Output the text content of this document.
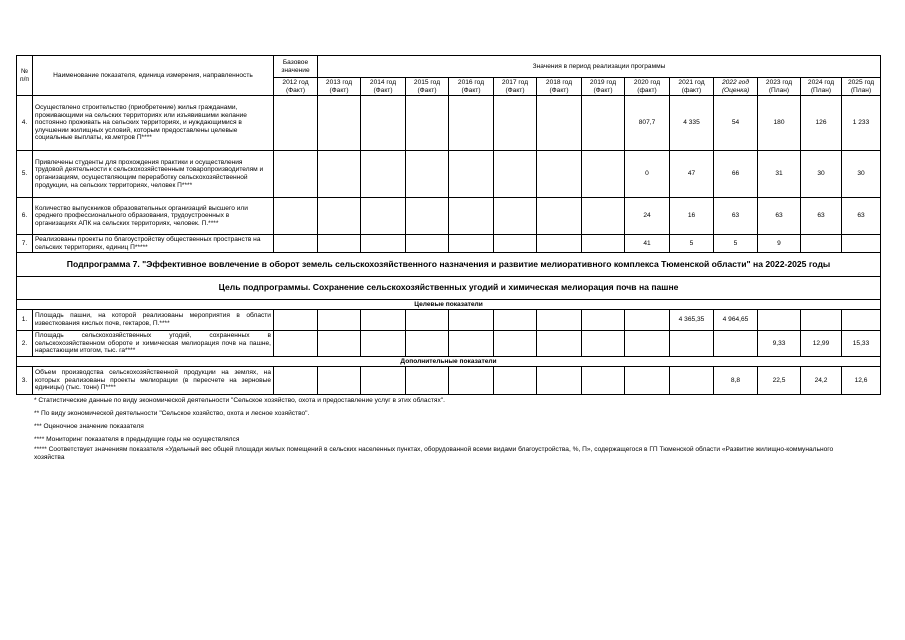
№ п/п	Наименование показателя, единица измерения, направленность	Базовое значение	Значения в период реализации программы												
		2012 год (Факт)	2013 год (Факт)	2014 год (Факт)	2015 год (Факт)	2016 год (Факт)	2017 год (Факт)	2018 год (Факт)	2019 год (Факт)	2020 год (факт)	2021 год (факт)	2022 год (Оценка)	2023 год (План)	2024 год (План)	2025 год (План)
4.	Осуществлено строительство (приобретение) жилья гражданами, проживающими на сельских территориях или изъявившими желание постоянно проживать на сельских территориях, и нуждающимися в улучшении жилищных условий, которым предоставлены целевые социальные выплаты, кв.метров П****									807,7	4 335	54	180	126	1 233
5.	Привлечены студенты для прохождения практики и осуществления трудовой деятельности к сельскохозяйственным товаропроизводителям и организациям, осуществляющим переработку сельскохозяйственной продукции, на сельских территориях, человек П****									0	47	66	31	30	30
6.	Количество выпускников образовательных организаций высшего или среднего профессионального образования, трудоустроенных в организациях АПК на сельских территориях, человек. П.****									24	16	63	63	63	63
7.	Реализованы проекты по благоустройству общественных пространств на сельских территориях, единиц П*****									41	5	5	9		
Подпрограмма 7. "Эффективное вовлечение в оборот земель сельскохозяйственного назначения и развитие мелиоративного комплекса Тюменской области" на 2022-2025 годы															
Цель подпрограммы. Сохранение сельскохозяйственных угодий и химическая мелиорация почв на пашне															
Целевые показатели															
1.	Площадь пашни, на которой реализованы мероприятия в области известкования кислых почв, гектаров, П.****										4 365,35	4 964,65			
2.	Площадь сельскохозяйственных угодий, сохраненных в сельскохозяйственном обороте и химическая мелиорация почв на пашне, нарастающим итогом, тыс. га****												9,33	12,99	15,33
Дополнительные показатели															
3.	Объем производства сельскохозяйственной продукции на землях, на которых реализованы проекты мелиорации (в пересчете на зерновые единицы) (тыс. тонн) П****											8,8	22,5	24,2	12,6
* Статистические данные по виду экономической деятельности "Сельское хозяйство, охота и предоставление услуг в этих областях".
** По виду экономической деятельности "Сельское хозяйство, охота и лесное хозяйство".
*** Оценочное значение показателя
**** Мониторинг показателя в предыдущие годы не осуществлялся
***** Соответствует значениям показателя «Удельный вес общей площади жилых помещений в сельских населенных пунктах, оборудованной всеми видами благоустройства, %, П», содержащегося в ГП Тюменской области «Развитие жилищно-коммунального хозяйства
